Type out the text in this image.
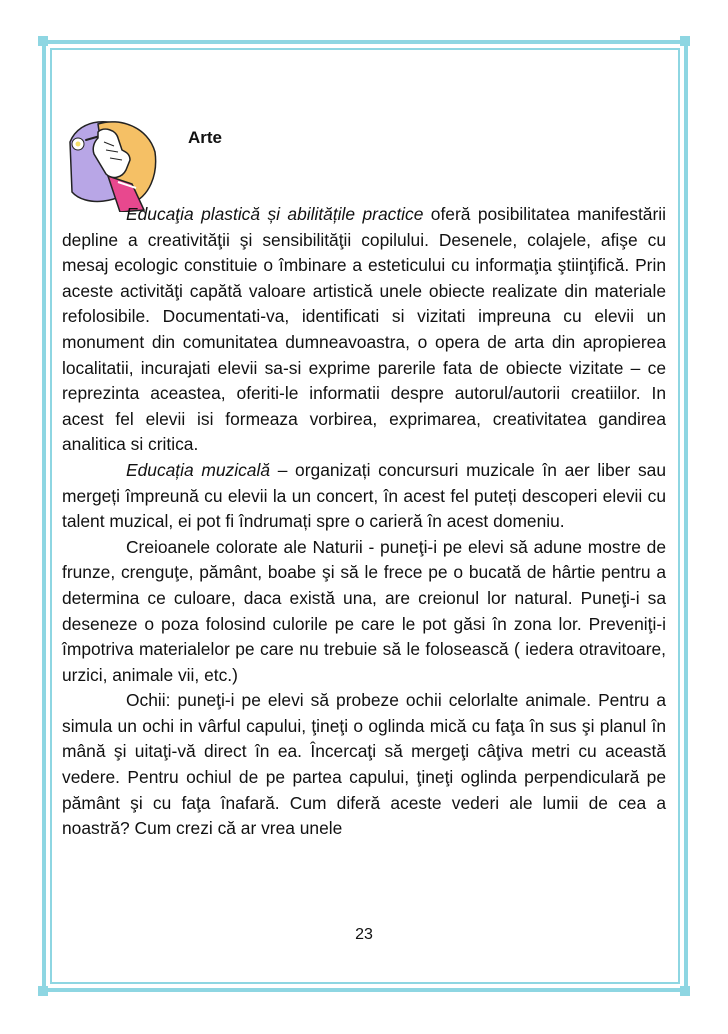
Arte

Educaţia plastică și abilitățile practice oferă posibilitatea manifestării depline a creativităţii şi sensibilităţii copilului. Desenele, colajele, afişe cu mesaj ecologic constituie o îmbinare a esteticului cu informaţia ştiinţifică. Prin aceste activităţi capătă valoare artistică unele obiecte realizate din materiale refolosibile. Documentati-va, identificati si vizitati impreuna cu elevii un monument din comunitatea dumneavoastra, o opera de arta din apropierea localitatii, incurajati elevii sa-si exprime parerile fata de obiecte vizitate – ce reprezinta aceastea, oferiti-le informatii despre autorul/autorii creatiilor. In acest fel elevii isi formeaza vorbirea, exprimarea, creativitatea gandirea analitica si critica.

Educația muzicală – organizați concursuri muzicale în aer liber sau mergeți împreună cu elevii la un concert, în acest fel puteți descoperi elevii cu talent muzical, ei pot fi îndrumați spre o carieră în acest domeniu.

Creioanele colorate ale Naturii - puneţi-i pe elevi să adune mostre de frunze, crenguţe, pământ, boabe şi să le frece pe o bucată de hârtie pentru a determina ce culoare, daca există una, are creionul lor natural. Puneţi-i sa deseneze o poza folosind culorile pe care le pot găsi în zona lor. Preveniţi-i împotriva materialelor pe care nu trebuie să le folosească ( iedera otravitoare, urzici, animale vii, etc.)

Ochii: puneţi-i pe elevi să probeze ochii celorlalte animale. Pentru a simula un ochi in vârful capului, ţineţi o oglinda mică cu faţa în sus şi planul în mână şi uitaţi-vă direct în ea. Încercaţi să mergeţi câţiva metri cu această vedere. Pentru ochiul de pe partea capului, ţineţi oglinda perpendiculară pe pământ şi cu faţa înafară. Cum diferă aceste vederi ale lumii de cea a noastră? Cum crezi că ar vrea unele

23
